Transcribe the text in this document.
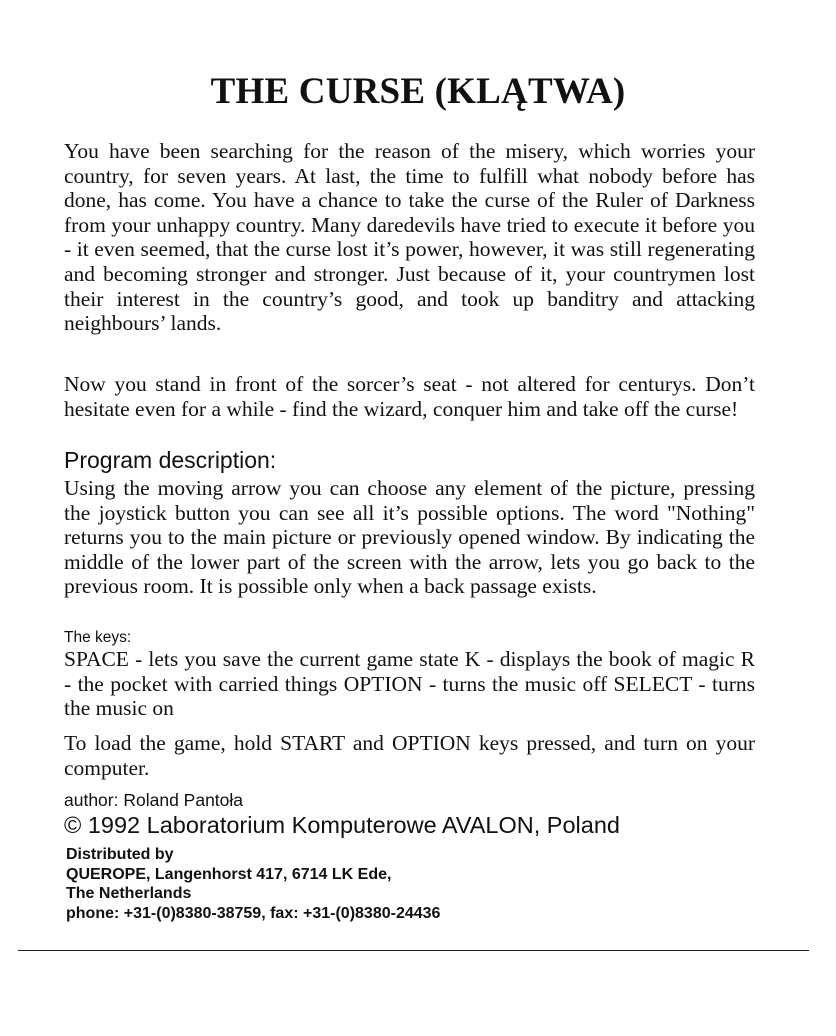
THE CURSE (KLĄTWA)

You have been searching for the reason of the misery, which worries your country, for seven years. At last, the time to fulfill what nobody before has done, has come. You have a chance to take the curse of the Ruler of Darkness from your unhappy country. Many daredevils have tried to execute it before you - it even seemed, that the curse lost it’s power, however, it was still regenerating and becoming stronger and stronger. Just because of it, your countrymen lost their interest in the country’s good, and took up banditry and attacking neighbours’ lands.

Now you stand in front of the sorcer’s seat - not altered for centurys. Don’t hesitate even for a while - find the wizard, conquer him and take off the curse!

Program description:

Using the moving arrow you can choose any element of the picture, pressing the joystick button you can see all it’s possible options. The word "Nothing" returns you to the main picture or previously opened window. By indicating the middle of the lower part of the screen with the arrow, lets you go back to the previous room. It is possible only when a back passage exists.

The keys:

SPACE - lets you save the current game state K - displays the book of magic R - the pocket with carried things OPTION - turns the music off SELECT - turns the music on

To load the game, hold START and OPTION keys pressed, and turn on your computer.

author: Roland Pantoła
© 1992 Laboratorium Komputerowe AVALON, Poland
Distributed by
QUEROPE, Langenhorst 417, 6714 LK Ede,
The Netherlands
phone: +31-(0)8380-38759, fax: +31-(0)8380-24436
